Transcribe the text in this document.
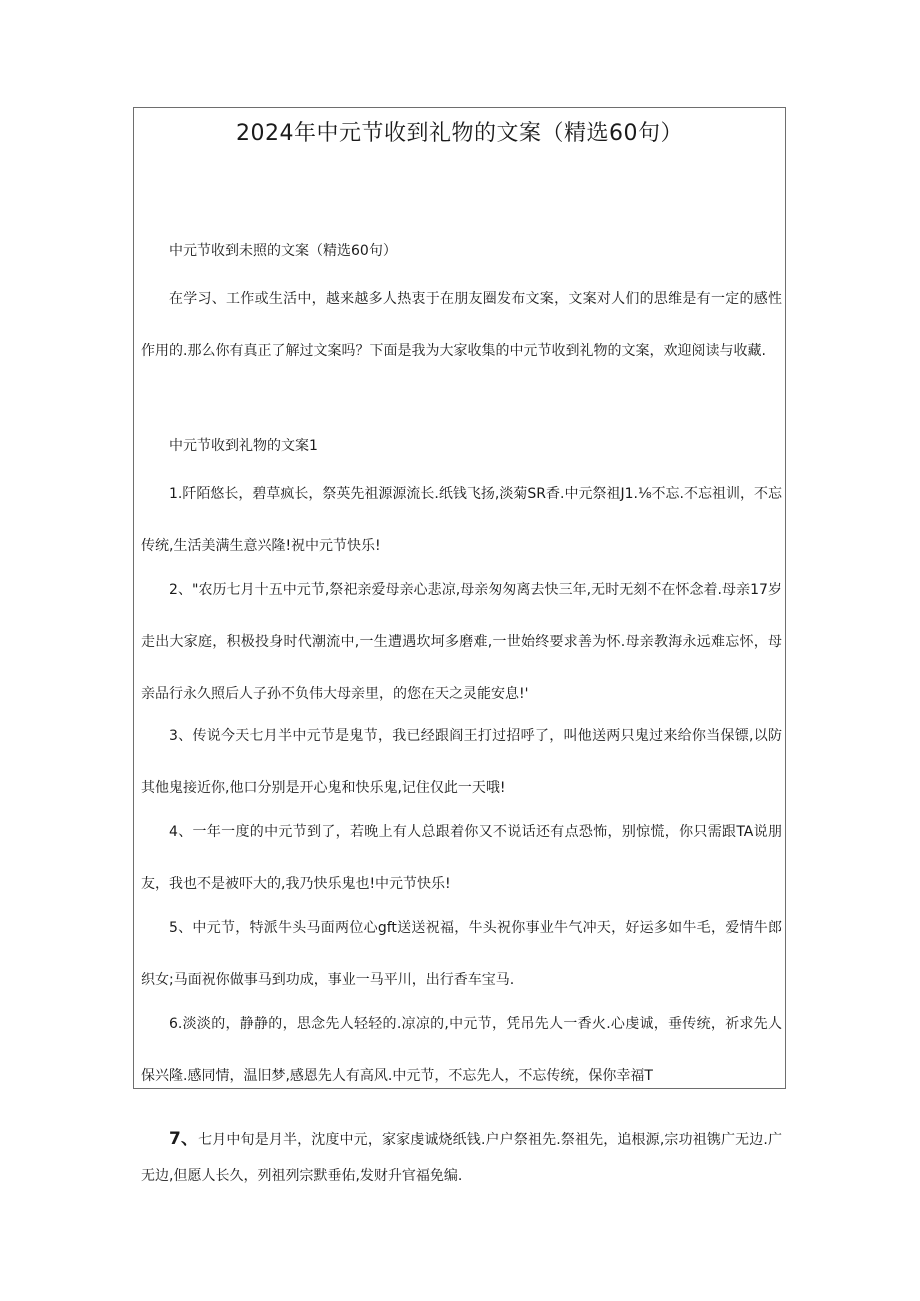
2024年中元节收到礼物的文案（精选60句）

中元节收到未照的文案（精选60句）

在学习、工作或生活中，越来越多人热衷于在朋友圈发布文案，文案对人们的思维是有一定的感性作用的.那么你有真正了解过文案吗？下面是我为大家收集的中元节收到礼物的文案，欢迎阅读与收藏.

中元节收到礼物的文案1

1.阡陌悠长，碧草疯长，祭英先祖源源流长.纸钱飞扬,淡菊SR香.中元祭祖J1.⅛不忘.不忘祖训，不忘传统,生活美满生意兴隆!祝中元节快乐!

2、"农历七月十五中元节,祭祀亲爱母亲心悲凉,母亲匆匆离去快三年,无时无刻不在怀念着.母亲17岁走出大家庭，积极投身时代潮流中,一生遭遇坎坷多磨难,一世始终要求善为怀.母亲教海永远难忘怀，母亲品行永久照后人子孙不负伟大母亲里，的您在天之灵能安息!'

3、传说今天七月半中元节是鬼节，我已经跟阎王打过招呼了，叫他送两只鬼过来给你当保镖,以防其他鬼接近你,他口分别是开心鬼和快乐鬼,记住仅此一天哦!

4、一年一度的中元节到了，若晚上有人总跟着你又不说话还有点恐怖，别惊慌，你只需跟TA说朋友，我也不是被吓大的,我乃快乐鬼也!中元节快乐!

5、中元节，特派牛头马面两位心gft送送祝福，牛头祝你事业牛气冲天，好运多如牛毛，爱情牛郎织女;马面祝你做事马到功成，事业一马平川，出行香车宝马.

6.淡淡的，静静的，思念先人轻轻的.凉凉的,中元节，凭吊先人一香火.心虔诚，垂传统，祈求先人保兴隆.感同情，温旧梦,感恩先人有高风.中元节，不忘先人，不忘传统，保你幸福T

7、七月中旬是月半，沈度中元，家家虔诚烧纸钱.户户祭祖先.祭祖先，追根源,宗功祖镌广无边.广无边,但愿人长久，列祖列宗默垂佑,发财升官福免编.
